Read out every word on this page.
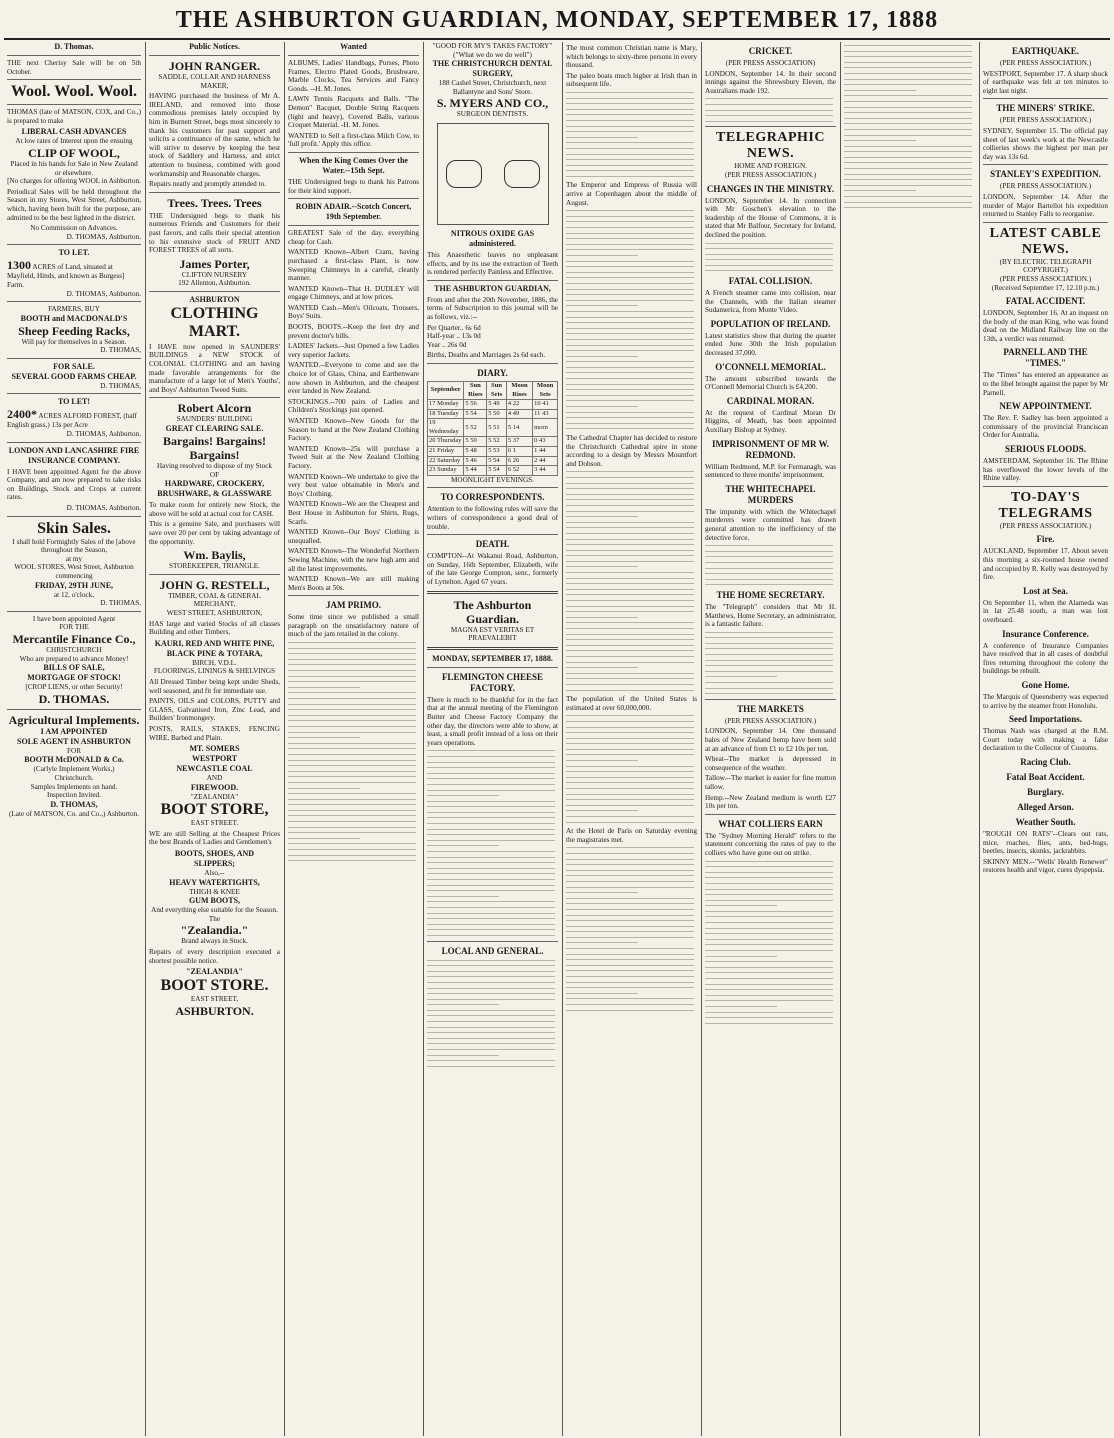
THE ASHBURTON GUARDIAN, MONDAY, SEPTEMBER 17, 1888
D. Thomas.
THE next Cherisy Sale will be on 5th October.
Wool. Wool. Wool.
THOMAS (late of MATSON, COX, and Co.,) is prepared to make
LIBERAL CASH ADVANCES
At low rates of Interest upon the ensuing
CLIP OF WOOL,
Placed in his hands for Sale in New Zealand or elsewhere.
[No charges for offering WOOL in Ashburton.
Periodical Sales will be held throughout the Season in my Stores, West Street, Ashburton, which, having been built for the purpose, are admitted to be the best lighted in the district.
No Commission on Advances.
D. THOMAS, Ashburton.
TO LET.
1300 ACRES of Land, situated at Mayfield, Hinds, and known as Burgess] Farm.
D. THOMAS, Ashburton.
FARMERS, BUY
BOOTH and MACDONALD'S
Sheep Feeding Racks,
Will pay for themselves in a Season.
D. THOMAS,
FOR SALE.
SEVERAL GOOD FARMS CHEAP.
D. THOMAS,
TO LET!
2400* ACRES ALFORD FOREST, (half English grass,) 13s per Acre
D. THOMAS, Ashburton.
LONDON AND LANCASHIRE FIRE INSURANCE COMPANY.
I HAVE been appointed Agent for the above Company, and am now prepared to take risks on Buildings, Stock and Crops at current rates.
D. THOMAS, Ashburton.
Skin Sales.
I shall hold Fortnightly Sales of the [above throughout the Season,
at my
WOOL STORES, West Street, Ashburton
commencing
FRIDAY, 29TH JUNE,
at 12, o'clock,
D. THOMAS.
I have been appointed Agent
FOR THE
Mercantile Finance Co.,
CHRISTCHURCH
Who are prepared to advance Money!
BILLS OF SALE,
MORTGAGE OF STOCK!
[CROP LIENS, or other Security!
D. THOMAS.
Agricultural Implements.
I AM APPOINTED
SOLE AGENT IN ASHBURTON
FOR
BOOTH McDONALD & Co.
(Carlyle Implement Works,)
Christchurch.
Samples Implements on hand.
Inspection Invited.
D. THOMAS,
(Late of MATSON, Co. and Co.,) Ashburton.
Public Notices.
JOHN RANGER.
SADDLE, COLLAR AND HARNESS MAKER,
HAVING purchased the business of Mr A. IRELAND, and removed into those commodious premises lately occupied by him in Burnett Street, begs most sincerely to thank his customers for past support and solicits a continuance of the same, which he will strive to deserve by keeping the best stock of Saddlery and Harness, and strict attention to business, combined with good workmanship and Reasonable charges.
Repairs neatly and promptly attended to.
Trees. Trees. Trees
THE Undersigned begs to thank his numerous Friends and Customers for their past favors, and calls their special attention to his extensive stock of FRUIT AND FOREST TREES of all sorts.
James Porter,
CLIFTON NURSERY
192 Allenton, Ashburton.
ASHBURTON
CLOTHING MART.
I HAVE now opened in SAUNDERS' BUILDINGS a NEW STOCK of COLONIAL CLOTHING and am having made favorable arrangements for the manufacture of a large lot of Men's Youths', and Boys' Ashburton Tweed Suits.
Robert Alcorn
SAUNDERS' BUILDING
GREAT CLEARING SALE.
Bargains! Bargains! Bargains!
Having resolved to dispose of my Stock
OF
HARDWARE, CROCKERY,
BRUSHWARE, & GLASSWARE
To make room for entirely new Stock, the above will be sold at actual cost for CASH.
This is a genuine Sale, and purchasers will save over 20 per cent by taking advantage of the opportunity.
Wm. Baylis,
STOREKEEPER, TRIANGLE.
JOHN G. RESTELL,
TIMBER, COAL & GENERAL MERCHANT,
WEST STREET, ASHBURTON,
HAS large and varied Stocks of all classes Building and other Timbers,
KAURI, RED AND WHITE PINE,
BLACK PINE & TOTARA,
BIRCH, V.D.L.
FLOORINGS, LININGS & SHELVINGS
All Dressed Timber being kept under Sheds, well seasoned, and fit for immediate use.
PAINTS, OILS and COLORS, PUTTY and GLASS, Galvanised Iron, Zinc Lead, and Builders' Ironmongery.
POSTS, RAILS, STAKES, FENCING WIRE, Barbed and Plain.
MT. SOMERS
WESTPORT
NEWCASTLE COAL
AND
FIREWOOD.
"ZEALANDIA"
BOOT STORE,
EAST STREET.
WE are still Selling at the Cheapest Prices the best Brands of Ladies and Gentlemen's
BOOTS, SHOES, AND
SLIPPERS;
Also,--
HEAVY WATERTIGHTS,
THIGH & KNEE
GUM BOOTS,
And everything else suitable for the Season.
The
"Zealandia."
Brand always in Stock.
Repairs of every description executed a shortest possible notice.
"ZEALANDIA"
BOOT STORE.
EAST STREET,
ASHBURTON.
Wanted
ALBUMS, Ladies' Handbags, Purses, Photo Frames, Electro Plated Goods, Brushware, Marble Clocks, Tea Services and Fancy Goods. --H. M. Jones.
LAWN Tennis Racquets and Balls. "The Demon" Racquet, Double String Racquets (light and heavy), Covered Balls, various Croquet Material. -H. M. Jones.
WANTED to Sell a first-class Milch Cow, to 'full profit.' Apply this office.
When the King Comes Over the Water.--15th Sept.
THE Undersigned begs to thank his Patrons for their kind support.
ROBIN ADAIR.--Scotch Concert, 19th September.
GREATEST Sale of the day, everything cheap for Cash.
WANTED Known--Albert Cram, having purchased a first-class Plant, is now Sweeping Chimneys in a careful, cleanly manner.
WANTED Known--That H. DUDLEY will engage Chimneys, and at low prices.
WANTED Cash.--Men's Oilcoats, Trousers, Boys' Suits.
BOOTS, BOOTS.--Keep the feet dry and prevent doctor's bills.
LADIES' Jackets.--Just Opened a few Ladies very superior Jackets.
WANTED.--Everyone to come and see the choice lot of Glass, China, and Earthenware now shown in Ashburton, and the cheapest ever landed in New Zealand.
STOCKINGS.--700 pairs of Ladies and Children's Stockings just opened.
WANTED Known--New Goods for the Season to hand at the New Zealand Clothing Factory.
WANTED Known--25s will purchase a Tweed Suit at the New Zealand Clothing Factory.
WANTED Known--We undertake to give the very best value obtainable in Men's and Boys' Clothing.
WANTED Known--We are the Cheapest and Best House in Ashburton for Shirts, Rugs, Scarfs.
WANTED Known--Our Boys' Clothing is unequalled.
WANTED Known--The Wonderful Northern Sewing Machine, with the new high arm and all the latest improvements.
WANTED Known--We are still making Men's Boots at 50s.
JAM PRIMO.
Some time since we published a small paragraph on the unsatisfactory nature of much of the jam retailed in the colony.
"GOOD FOR MY'S TAKES FACTORY"
("What we do we do well")
THE CHRISTCHURCH DENTAL SURGERY,
188 Cashel Street, Christchurch, next Ballantyne and Sons' Store.
S. MYERS AND CO.,
SURGEON DENTISTS.
NITROUS OXIDE GAS administered.
This Anaesthetic leaves no unpleasant effects, and by its use the extraction of Teeth is rendered perfectly Painless and Effective.
THE ASHBURTON GUARDIAN,
From and after the 20th November, 1886, the terms of Subscription to this journal will be as follows, viz.:--
Per Quarter.. 6s 6d
Half-year .. 13s 0d
Year .. 26s 0d
Births, Deaths and Marriages 2s 6d each.
DIARY.
September	Sun Rises	Sun Sets	Moon Rises	Moon Sets
17 Monday	5 56	5 49	4 22	10 41
18 Tuesday	5 54	5 50	4 49	11 43
19 Wednesday	5 52	5 51	5 14	morn
20 Thursday	5 50	5 52	5 37	0 43
21 Friday	5 48	5 53	6 1	1 44
22 Saturday	5 46	5 54	6 26	2 44
23 Sunday	5 44	5 54	6 52	3 44
MOONLIGHT EVENINGS.
TO CORRESPONDENTS.
Attention to the following rules will save the writers of correspondence a good deal of trouble.
DEATH.
COMPTON--At Wakanui Road, Ashburton, on Sunday, 16th September, Elizabeth, wife of the late George Compton, senr., formerly of Lyttelton. Aged 67 years.
The Ashburton Guardian.
MAGNA EST VERITAS ET PRAEVALEBIT
MONDAY, SEPTEMBER 17, 1888.
FLEMINGTON CHEESE FACTORY.
There is much to be thankful for in the fact that at the annual meeting of the Flemington Butter and Cheese Factory Company the other day, the directors were able to show, at least, a small profit instead of a loss on their years operations.
LOCAL AND GENERAL.
The most common Christian name is Mary, which belongs to sixty-three persons in every thousand.
The paleo boats much higher at Irish than in subsequent life.
The Emperor and Empress of Russia will arrive at Copenhagen about the middle of August.
The Cathedral Chapter has decided to restore the Christchurch Cathedral spire in stone according to a design by Messrs Mountfort and Dobson.
The population of the United States is estimated at over 60,000,000.
At the Hotel de Paris on Saturday evening the magistrates met.
CRICKET.
(PER PRESS ASSOCIATION)
LONDON, September 14. In their second innings against the Shrewsbury Eleven, the Australians made 192.
TELEGRAPHIC NEWS.
HOME AND FOREIGN.
(PER PRESS ASSOCIATION.)
CHANGES IN THE MINISTRY.
LONDON, September 14. In connection with Mr Goschen's elevation to the leadership of the House of Commons, it is stated that Mr Balfour, Secretary for Ireland, declined the position.
FATAL COLLISION.
A French steamer came into collision, near the Channels, with the Italian steamer Sudamerica, from Monte Video.
POPULATION OF IRELAND.
Latest statistics show that during the quarter ended June 30th the Irish population decreased 37,000.
O'CONNELL MEMORIAL.
The amount subscribed towards the O'Connell Memorial Church is £4,200.
CARDINAL MORAN.
At the request of Cardinal Moran Dr Higgins, of Meath, has been appointed Auxiliary Bishop at Sydney.
IMPRISONMENT OF MR W. REDMOND.
William Redmond, M.P. for Fermanagh, was sentenced to three months' imprisonment.
THE WHITECHAPEL MURDERS
The impunity with which the Whitechapel murderers were committed has drawn general attention to the inefficiency of the detective force.
THE HOME SECRETARY.
The "Telegraph" considers that Mr H. Matthews, Home Secretary, an administrator, is a fantastic failure.
THE MARKETS
(PER PRESS ASSOCIATION.)
LONDON, September 14. One thousand bales of New Zealand hemp have been sold at an advance of from £1 to £2 10s per ton.
Wheat--The market is depressed in consequence of the weather.
Tallow.--The market is easier for fine mutton tallow.
Hemp.--New Zealand medium is worth £27 10s per ton.
WHAT COLLIERS EARN
The "Sydney Morning Herald" refers to the statement concerning the rates of pay to the colliers who have gone out on strike.
EARTHQUAKE.
(PER PRESS ASSOCIATION.)
WESTPORT, September 17. A sharp shock of earthquake was felt at ten minutes to eight last night.
THE MINERS' STRIKE.
(PER PRESS ASSOCIATION.)
SYDNEY, September 15. The official pay sheet of last week's work at the Newcastle collieries shows the highest per man per day was 13s 6d.
STANLEY'S EXPEDITION.
(PER PRESS ASSOCIATION.)
LONDON, September 14. After the murder of Major Bartellot his expedition returned to Stanley Falls to reorganise.
LATEST CABLE NEWS.
(BY ELECTRIC TELEGRAPH COPYRIGHT.)
(PER PRESS ASSOCIATION.)
(Received September 17, 12.10 p.m.)
FATAL ACCIDENT.
LONDON, September 16. At an inquest on the body of the man King, who was found dead on the Midland Railway line on the 13th, a verdict was returned.
PARNELL AND THE "TIMES."
The "Times" has entered an appearance as to the libel brought against the paper by Mr Parnell.
NEW APPOINTMENT.
The Rev. F. Sadley has been appointed a commissary of the provincial Franciscan Order for Australia.
SERIOUS FLOODS.
AMSTERDAM, September 16. The Rhine has overflowed the lower levels of the Rhine valley.
TO-DAY'S TELEGRAMS
(PER PRESS ASSOCIATION.)
Fire.
AUCKLAND, September 17. About seven this morning a six-roomed house owned and occupied by R. Kelly was destroyed by fire.
Lost at Sea.
On September 11, when the Alameda was in lat 25.48 south, a man was lost overboard.
Insurance Conference.
A conference of Insurance Companies have resolved that in all cases of doubtful fires returning throughout the colony the buildings be rebuilt.
Gone Home.
The Marquis of Queensberry was expected to arrive by the steamer from Honolulu.
Seed Importations.
Thomas Nash was charged at the R.M. Court today with making a false declaration to the Collector of Customs.
Racing Club.
Fatal Boat Accident.
Burglary.
Alleged Arson.
Weather South.
"ROUGH ON RATS"--Clears out rats, mice, roaches, flies, ants, bed-bugs, beetles, insects, skunks, jackrabbits.
SKINNY MEN.--"Wells' Health Renewer" restores health and vigor, cures dyspepsia.
